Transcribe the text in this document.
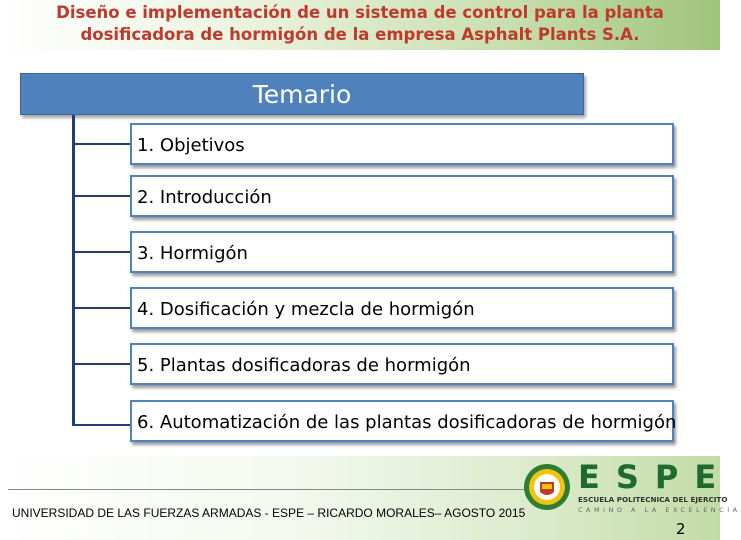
Diseño e implementación de un sistema de control para la planta
dosificadora de hormigón de la empresa Asphalt Plants S.A.
Temario
1. Objetivos
2. Introducción
3. Hormigón
4. Dosificación y mezcla de hormigón
5. Plantas dosificadoras de hormigón
6. Automatización de las plantas dosificadoras de hormigón
UNIVERSIDAD DE LAS FUERZAS ARMADAS - ESPE – RICARDO MORALES– AGOSTO 2015
ESPE
ESCUELA POLITECNICA DEL EJERCITO
CAMINO A LA EXCELENCIA
2
